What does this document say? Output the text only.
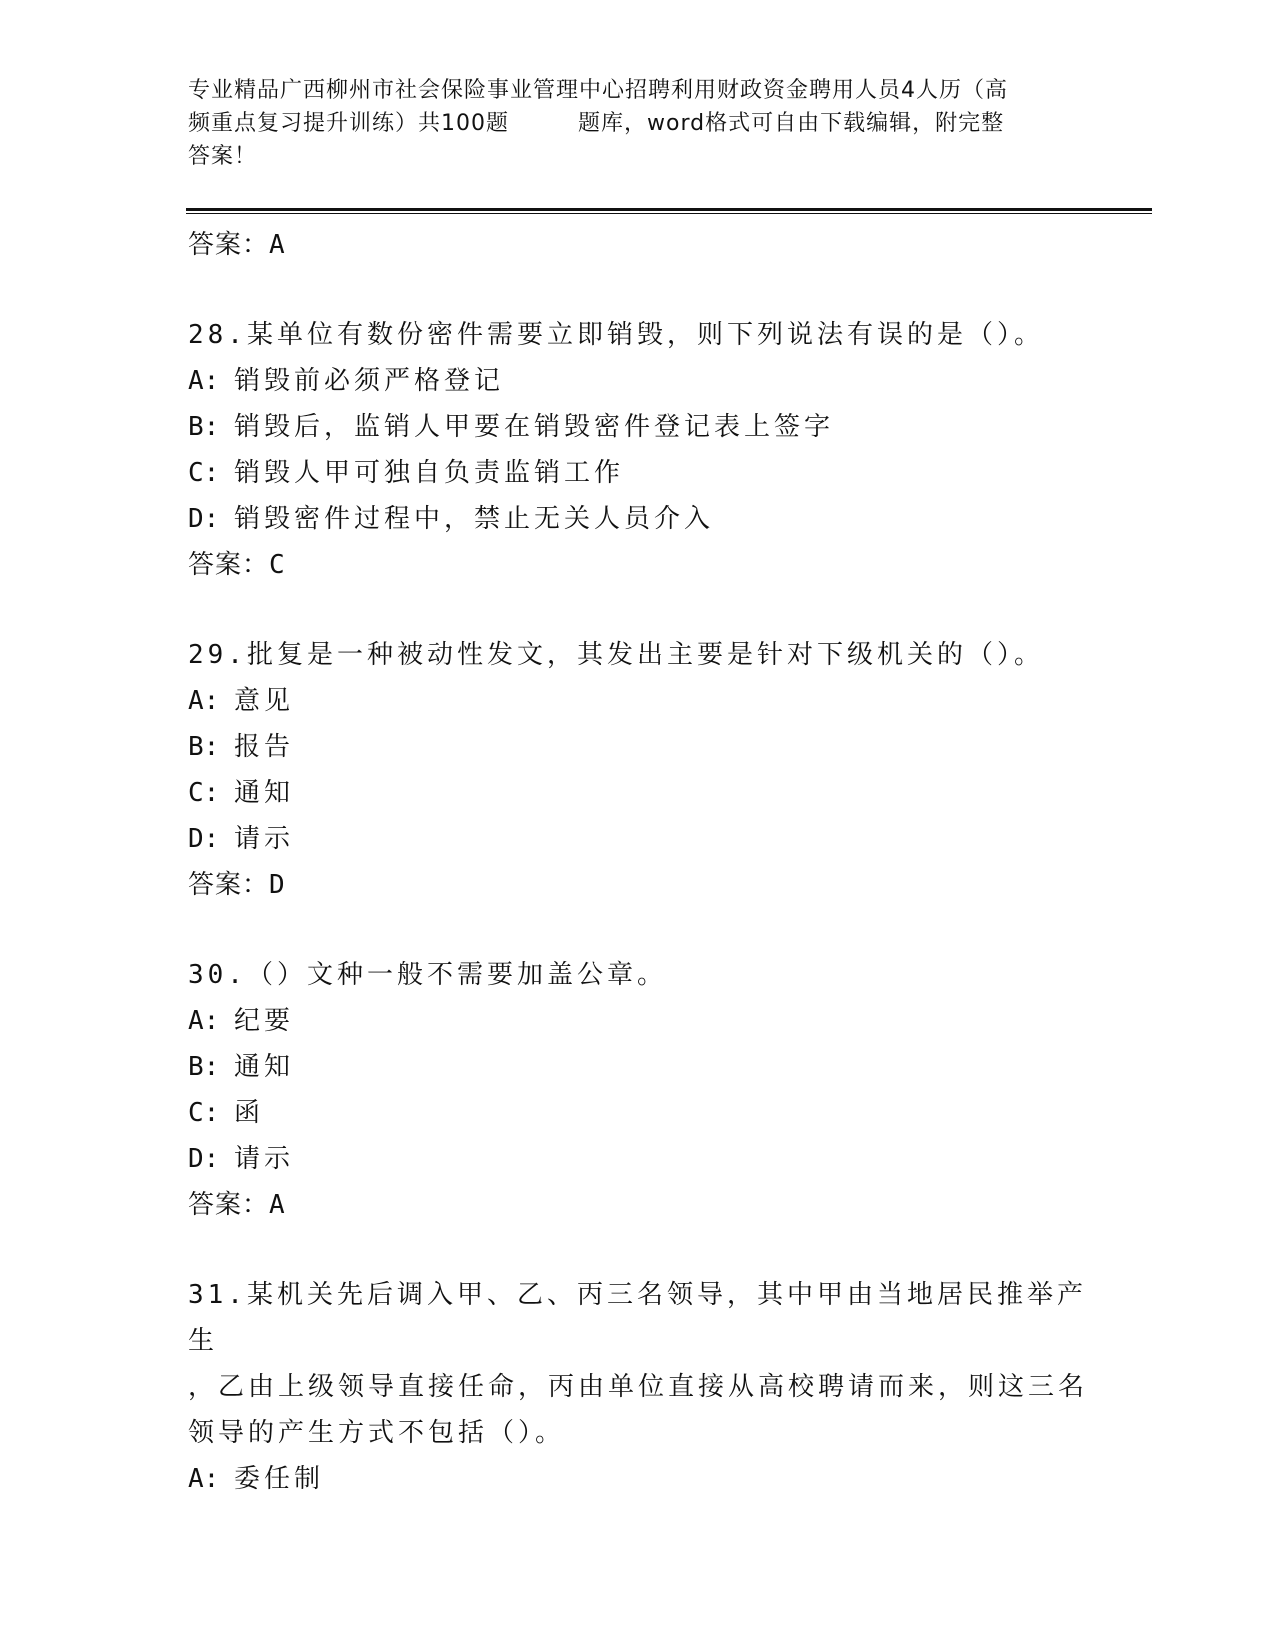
专业精品广西柳州市社会保险事业管理中心招聘利用财政资金聘用人员4人历（高
频重点复习提升训练）共100题　　　题库，word格式可自由下载编辑，附完整
答案！
答案：A

28.某单位有数份密件需要立即销毁，则下列说法有误的是（）。

A: 销毁前必须严格登记
B: 销毁后，监销人甲要在销毁密件登记表上签字
C: 销毁人甲可独自负责监销工作
D: 销毁密件过程中，禁止无关人员介入
答案：C

29.批复是一种被动性发文，其发出主要是针对下级机关的（）。

A: 意见
B: 报告
C: 通知
D: 请示
答案：D

30.（）文种一般不需要加盖公章。

A: 纪要
B: 通知
C: 函
D: 请示
答案：A

31.某机关先后调入甲、乙、丙三名领导，其中甲由当地居民推举产生

，乙由上级领导直接任命，丙由单位直接从高校聘请而来，则这三名

领导的产生方式不包括（）。

A: 委任制
